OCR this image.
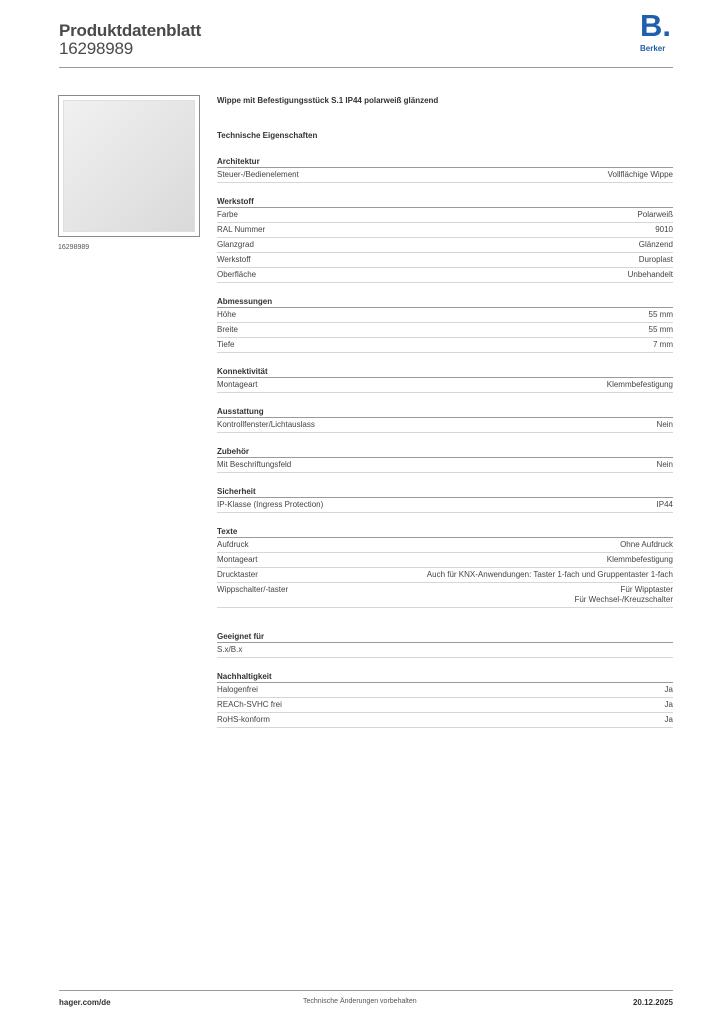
Produktdatenblatt
16298989
B.
Berker
16298989
Wippe mit Befestigungsstück S.1 IP44 polarweiß glänzend
Technische Eigenschaften
Architektur
Steuer-/Bedienelement	Vollflächige Wippe
Werkstoff
Farbe	Polarweiß
RAL Nummer	9010
Glanzgrad	Glänzend
Werkstoff	Duroplast
Oberfläche	Unbehandelt
Abmessungen
Höhe	55 mm
Breite	55 mm
Tiefe	7 mm
Konnektivität
Montageart	Klemmbefestigung
Ausstattung
Kontrollfenster/Lichtauslass	Nein
Zubehör
Mit Beschriftungsfeld	Nein
Sicherheit
IP-Klasse (Ingress Protection)	IP44
Texte
Aufdruck	Ohne Aufdruck
Montageart	Klemmbefestigung
Drucktaster	Auch für KNX-Anwendungen: Taster 1-fach und Gruppentaster 1-fach
Wippschalter/-taster	Für Wipptaster
Für Wechsel-/Kreuzschalter
Geeignet für
S.x/B.x
Nachhaltigkeit
Halogenfrei	Ja
REACh-SVHC frei	Ja
RoHS-konform	Ja
hager.com/de	Technische Änderungen vorbehalten	20.12.2025
